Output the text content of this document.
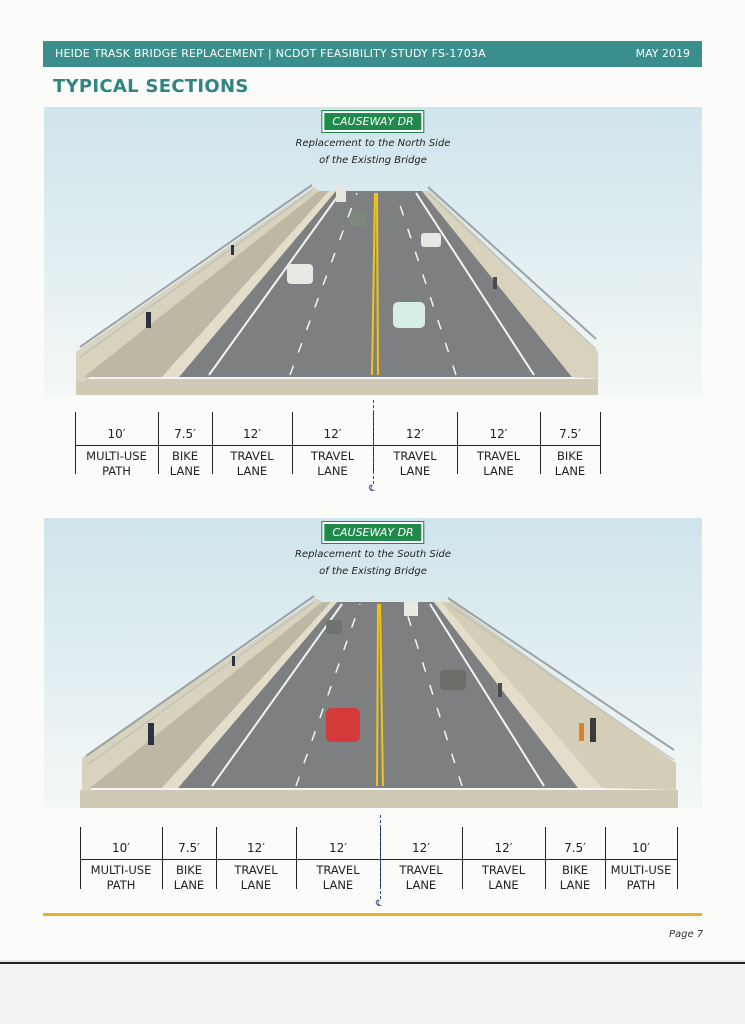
HEIDE TRASK BRIDGE REPLACEMENT | NCDOT FEASIBILITY STUDY FS-1703A	MAY 2019
TYPICAL SECTIONS
CAUSEWAY DR
Replacement to the North Side
of the Existing Bridge
10′
MULTI-USE
PATH
7.5′
BIKE
LANE
12′
TRAVEL
LANE
12′
TRAVEL
LANE
12′
TRAVEL
LANE
12′
TRAVEL
LANE
7.5′
BIKE
LANE
℄
CAUSEWAY DR
Replacement to the South Side
of the Existing Bridge
10′
MULTI-USE
PATH
7.5′
BIKE
LANE
12′
TRAVEL
LANE
12′
TRAVEL
LANE
12′
TRAVEL
LANE
12′
TRAVEL
LANE
7.5′
BIKE
LANE
10′
MULTI-USE
PATH
℄
Page 7
